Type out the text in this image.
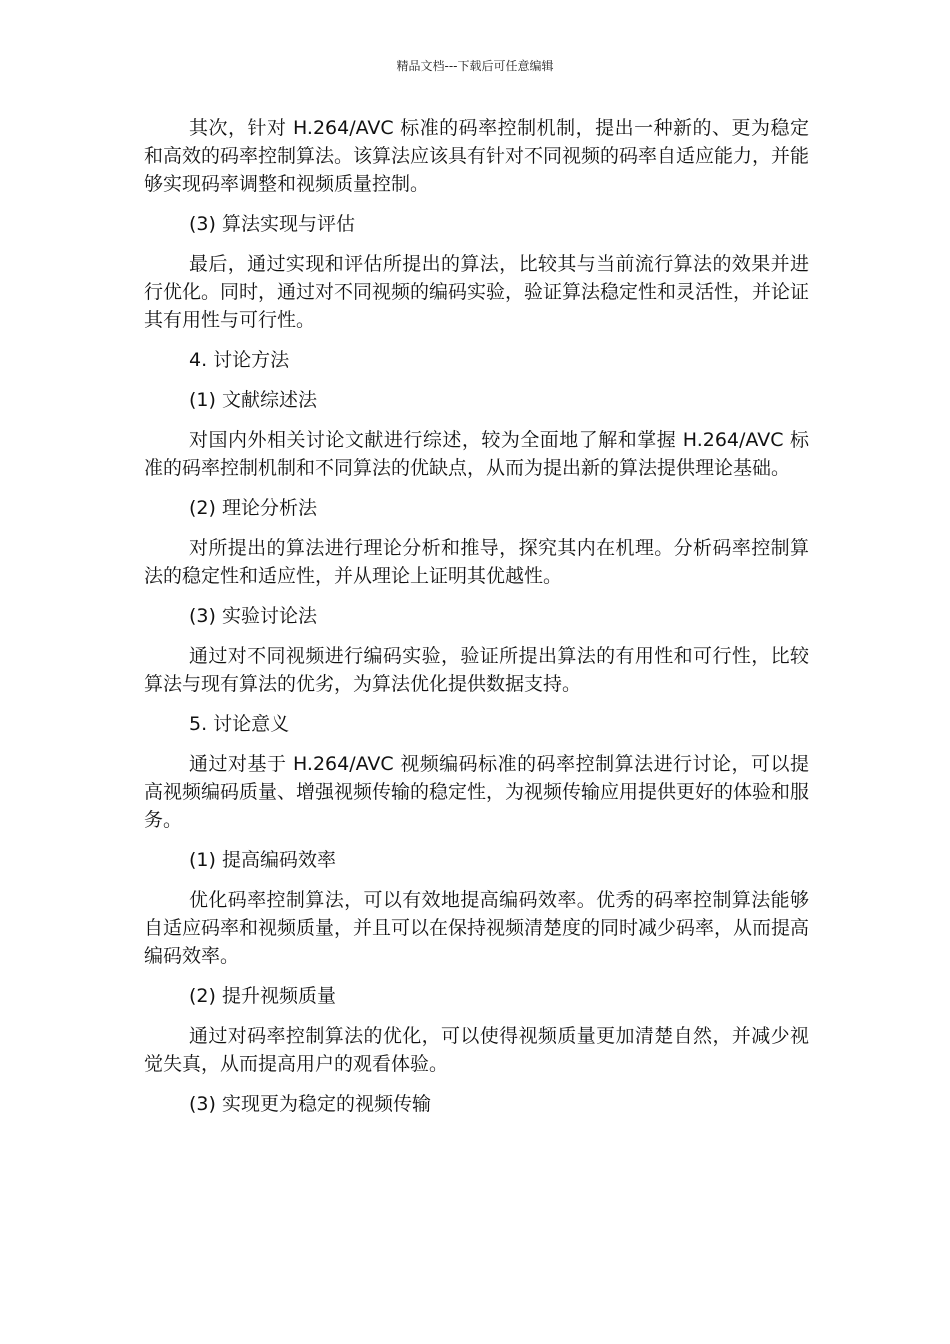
精品文档---下载后可任意编辑

其次，针对 H.264/AVC 标准的码率控制机制，提出一种新的、更为稳定和高效的码率控制算法。该算法应该具有针对不同视频的码率自适应能力，并能够实现码率调整和视频质量控制。

(3) 算法实现与评估

最后，通过实现和评估所提出的算法，比较其与当前流行算法的效果并进行优化。同时，通过对不同视频的编码实验，验证算法稳定性和灵活性，并论证其有用性与可行性。

4. 讨论方法
(1) 文献综述法

对国内外相关讨论文献进行综述，较为全面地了解和掌握 H.264/AVC 标准的码率控制机制和不同算法的优缺点，从而为提出新的算法提供理论基础。

(2) 理论分析法

对所提出的算法进行理论分析和推导，探究其内在机理。分析码率控制算法的稳定性和适应性，并从理论上证明其优越性。

(3) 实验讨论法

通过对不同视频进行编码实验，验证所提出算法的有用性和可行性，比较算法与现有算法的优劣，为算法优化提供数据支持。

5. 讨论意义

通过对基于 H.264/AVC 视频编码标准的码率控制算法进行讨论，可以提高视频编码质量、增强视频传输的稳定性，为视频传输应用提供更好的体验和服务。

(1) 提高编码效率

优化码率控制算法，可以有效地提高编码效率。优秀的码率控制算法能够自适应码率和视频质量，并且可以在保持视频清楚度的同时减少码率，从而提高编码效率。

(2) 提升视频质量

通过对码率控制算法的优化，可以使得视频质量更加清楚自然，并减少视觉失真，从而提高用户的观看体验。

(3) 实现更为稳定的视频传输
